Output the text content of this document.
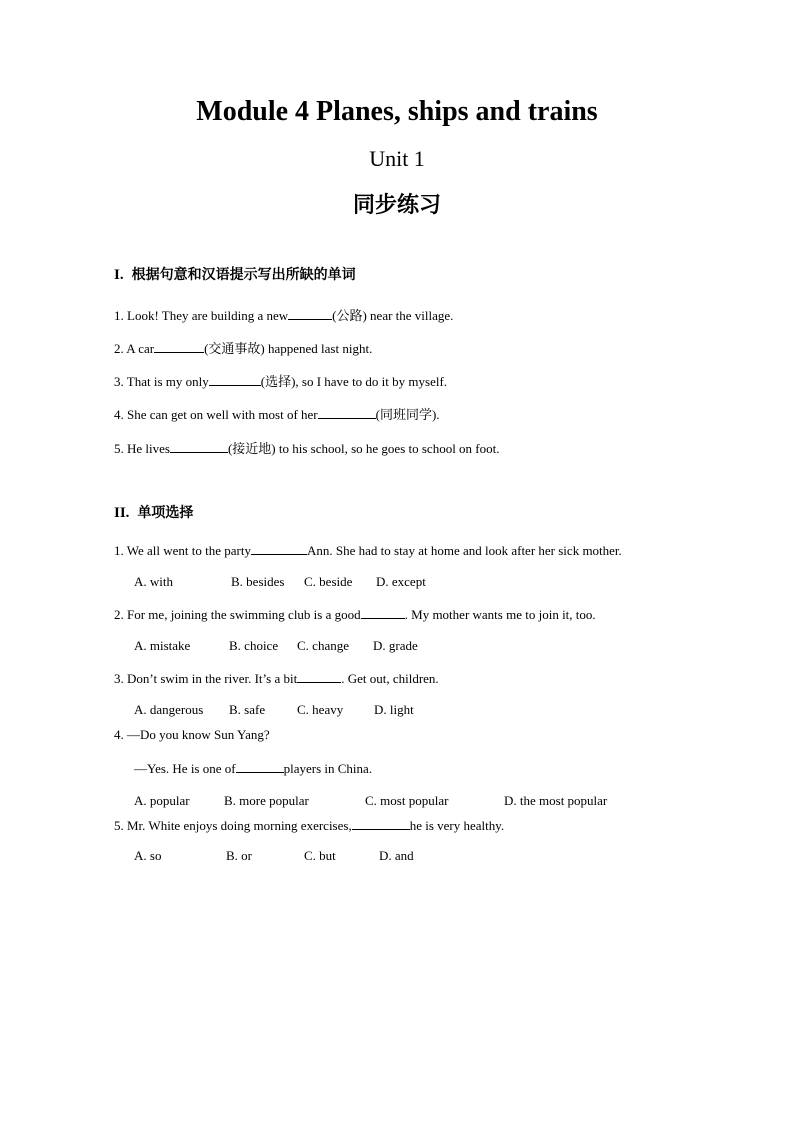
Module 4 Planes, ships and trains
Unit 1
同步练习
I. 根据句意和汉语提示写出所缺的单词
1. Look! They are building a new	(公路) near the village.
2. A car	(交通事故) happened last night.
3. That is my only	(选择), so I have to do it by myself.
4. She can get on well with most of her	(同班同学).
5. He lives	(接近地) to his school, so he goes to school on foot.
II. 单项选择
1. We all went to the party	Ann. She had to stay at home and look after her sick mother.
A. with	B. besides C. beside D. except
2. For me, joining the swimming club is a good	. My mother wants me to join it, too.
A. mistake	B. choice C. change D. grade
3. Don’t swim in the river. It’s a bit	. Get out, children.
A. dangerous B. safe C. heavy D. light
4. —Do you know Sun Yang?
—Yes. He is one of	players in China.
A. popular	B. more popular	C. most popular	D. the most popular
5. Mr. White enjoys doing morning exercises,	he is very healthy.
A. so	B. or	C. but	D. and
